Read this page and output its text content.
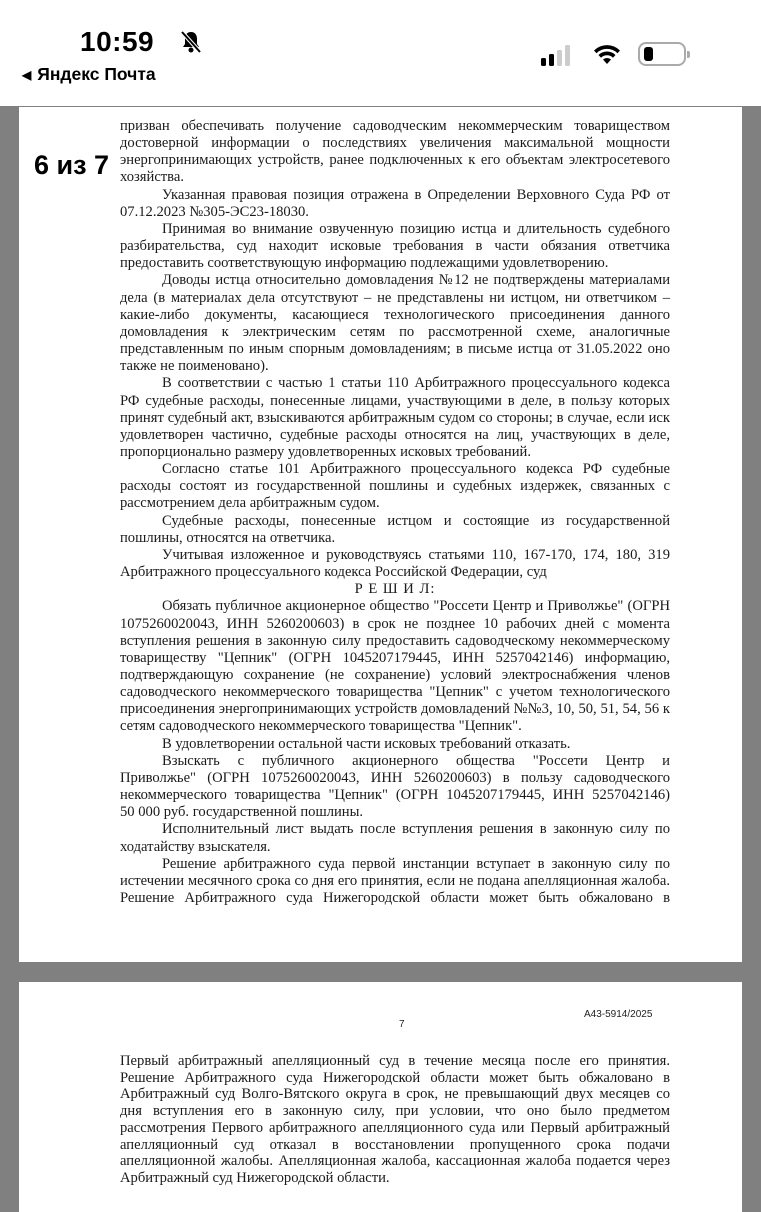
10:59
◀ Яндекс Почта
призван обеспечивать получение садоводческим некоммерческим товариществом
достоверной информации о последствиях увеличения максимальной мощности
энергопринимающих устройств, ранее подключенных к его объектам электросетевого
хозяйства.
Указанная правовая позиция отражена в Определении Верховного Суда РФ от
07.12.2023 №305-ЭС23-18030.
Принимая во внимание озвученную позицию истца и длительность судебного
разбирательства, суд находит исковые требования в части обязания ответчика
предоставить соответствующую информацию подлежащими удовлетворению.
Доводы истца относительно домовладения №12 не подтверждены материалами
дела (в материалах дела отсутствуют – не представлены ни истцом, ни ответчиком –
какие-либо документы, касающиеся технологического присоединения данного
домовладения к электрическим сетям по рассмотренной схеме, аналогичные
представленным по иным спорным домовладениям; в письме истца от 31.05.2022 оно
также не поименовано).
В соответствии с частью 1 статьи 110 Арбитражного процессуального кодекса
РФ судебные расходы, понесенные лицами, участвующими в деле, в пользу которых
принят судебный акт, взыскиваются арбитражным судом со стороны; в случае, если иск
удовлетворен частично, судебные расходы относятся на лиц, участвующих в деле,
пропорционально размеру удовлетворенных исковых требований.
Согласно статье 101 Арбитражного процессуального кодекса РФ судебные
расходы состоят из государственной пошлины и судебных издержек, связанных с
рассмотрением дела арбитражным судом.
Судебные расходы, понесенные истцом и состоящие из государственной
пошлины, относятся на ответчика.
Учитывая изложенное и руководствуясь статьями 110, 167-170, 174, 180, 319
Арбитражного процессуального кодекса Российской Федерации, суд
Р Е Ш И Л:
Обязать публичное акционерное общество "Россети Центр и Приволжье" (ОГРН
1075260020043, ИНН 5260200603) в срок не позднее 10 рабочих дней с момента
вступления решения в законную силу предоставить садоводческому некоммерческому
товариществу "Цепник" (ОГРН 1045207179445, ИНН 5257042146) информацию,
подтверждающую сохранение (не сохранение) условий электроснабжения членов
садоводческого некоммерческого товарищества "Цепник" с учетом технологического
присоединения энергопринимающих устройств домовладений №№3, 10, 50, 51, 54, 56 к
сетям садоводческого некоммерческого товарищества "Цепник".
В удовлетворении остальной части исковых требований отказать.
Взыскать с публичного акционерного общества "Россети Центр и
Приволжье" (ОГРН 1075260020043, ИНН 5260200603) в пользу садоводческого
некоммерческого товарищества "Цепник" (ОГРН 1045207179445, ИНН 5257042146)
50 000 руб. государственной пошлины.
Исполнительный лист выдать после вступления решения в законную силу по
ходатайству взыскателя.
Решение арбитражного суда первой инстанции вступает в законную силу по
истечении месячного срока со дня его принятия, если не подана апелляционная жалоба.
Решение Арбитражного суда Нижегородской области может быть обжаловано в
А43-5914/2025
7
Первый арбитражный апелляционный суд в течение месяца после его принятия.
Решение Арбитражного суда Нижегородской области может быть обжаловано в
Арбитражный суд Волго-Вятского округа в срок, не превышающий двух месяцев со
дня вступления его в законную силу, при условии, что оно было предметом
рассмотрения Первого арбитражного апелляционного суда или Первый арбитражный
апелляционный суд отказал в восстановлении пропущенного срока подачи
апелляционной жалобы. Апелляционная жалоба, кассационная жалоба подается через
Арбитражный суд Нижегородской области.
6 из 7
